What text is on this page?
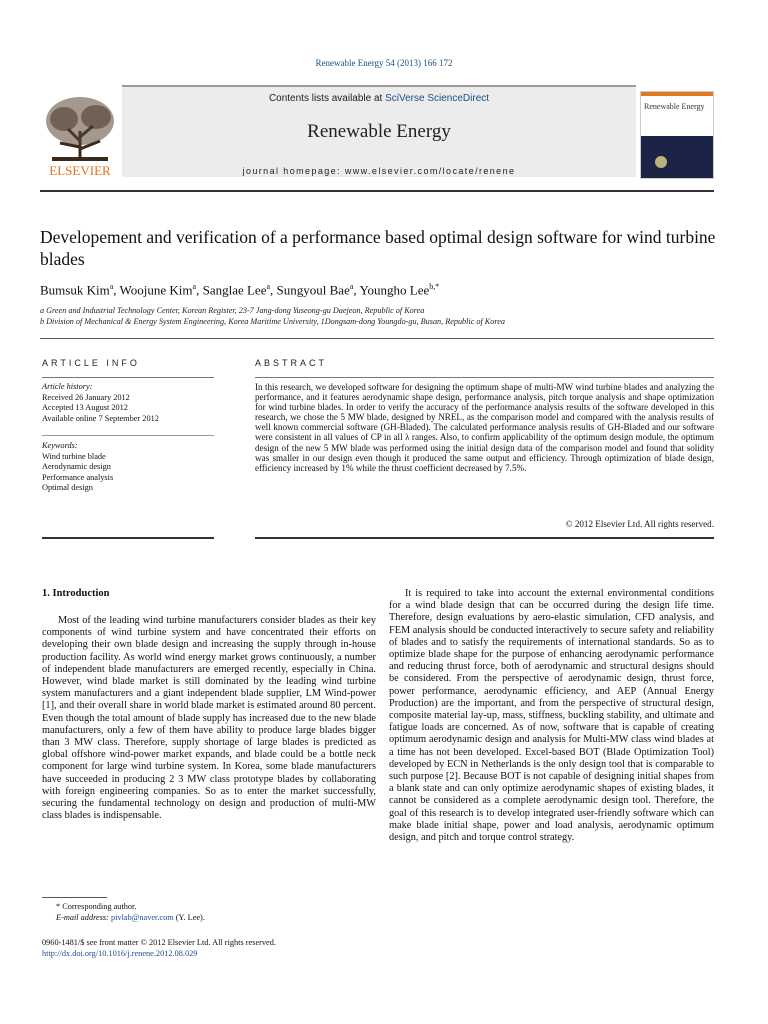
Renewable Energy 54 (2013) 166 172
ELSEVIER
Contents lists available at SciVerse ScienceDirect
Renewable Energy
journal homepage: www.elsevier.com/locate/renene
Renewable Energy
Developement and verification of a performance based optimal design software for wind turbine blades
Bumsuk Kim$^a$, Woojune Kim$^a$, Sanglae Lee$^a$, Sungyoul Bae$^a$, Youngho Lee$^{b,*}$
a Green and Industrial Technology Center, Korean Register, 23-7 Jang-dong Yuseong-gu Daejeon, Republic of Korea
b Division of Mechanical & Energy System Engineering, Korea Maritime University, 1Dongsam-dong Youngdo-gu, Busan, Republic of Korea
ARTICLE INFO	ABSTRACT
Article history:
Received 26 January 2012
Accepted 13 August 2012
Available online 7 September 2012
Keywords:
Wind turbine blade
Aerodynamic design
Performance analysis
Optimal design
In this research, we developed software for designing the optimum shape of multi-MW wind turbine blades and analyzing the performance, and it features aerodynamic shape design, performance analysis, pitch torque analysis and shape optimization for wind turbine blades. In order to verify the accuracy of the performance analysis results of the software developed in this research, we chose the 5 MW blade, designed by NREL, as the comparison model and compared with the analysis results of well known commercial software (GH-Bladed). The calculated performance analysis results of GH-Bladed and our software were consistent in all values of CP in all λ ranges. Also, to confirm applicability of the optimum design module, the optimum design of the new 5 MW blade was performed using the initial design data of the comparison model and found that solidity was smaller in our design even though it produced the same output and efficiency. Through optimization of blade design, efficiency increased by 1% while the thrust coefficient decreased by 7.5%.
© 2012 Elsevier Ltd. All rights reserved.
1. Introduction
Most of the leading wind turbine manufacturers consider blades as their key components of wind turbine system and have concentrated their efforts on developing their own blade design and increasing the supply through in-house production facility. As world wind energy market grows continuously, a number of independent blade manufacturers are emerged recently, especially in China. However, wind blade market is still dominated by the leading wind turbine system manufacturers and a giant independent blade supplier, LM Wind-power [1], and their overall share in world blade market is estimated around 80 percent. Even though the total amount of blade supply has increased due to the new blade manufacturers, only a few of them have ability to produce large blades bigger than 3 MW class. Therefore, supply shortage of large blades is predicted as global offshore wind-power market expands, and blade could be a bottle neck component for large wind turbine system. In Korea, some blade manufacturers have succeeded in producing 2 3 MW class prototype blades by collaborating with foreign engineering companies. So as to enter the market successfully, securing the fundamental technology on design and production of multi-MW class blades is indispensable.
It is required to take into account the external environmental conditions for a wind blade design that can be occurred during the design life time. Therefore, design evaluations by aero-elastic simulation, CFD analysis, and FEM analysis should be conducted interactively to secure safety and reliability of blades and to satisfy the requirements of international standards. So as to optimize blade shape for the purpose of enhancing aerodynamic performance and reducing thrust force, both of aerodynamic and structural designs should be considered. From the perspective of aerodynamic design, thrust force, power performance, aerodynamic efficiency, and AEP (Annual Energy Production) are the important, and from the perspective of structural design, composite material lay-up, mass, stiffness, buckling stability, and ultimate and fatigue loads are concerned. As of now, software that is capable of creating optimum aerodynamic design and analysis for Multi-MW class wind blades at a time has not been developed. Excel-based BOT (Blade Optimization Tool) developed by ECN in Netherlands is the only design tool that is comparable to such purpose [2]. Because BOT is not capable of designing initial shapes from a blank state and can only optimize aerodynamic shapes of existing blades, it cannot be considered as a complete aerodynamic design tool. Therefore, the goal of this research is to develop integrated user-friendly software which can make blade initial shape, power and load analysis, aerodynamic optimum design, and pitch and torque control strategy.
* Corresponding author.
E-mail address: pivlab@naver.com (Y. Lee).
0960-1481/$ see front matter © 2012 Elsevier Ltd. All rights reserved.
http://dx.doi.org/10.1016/j.renene.2012.08.029
